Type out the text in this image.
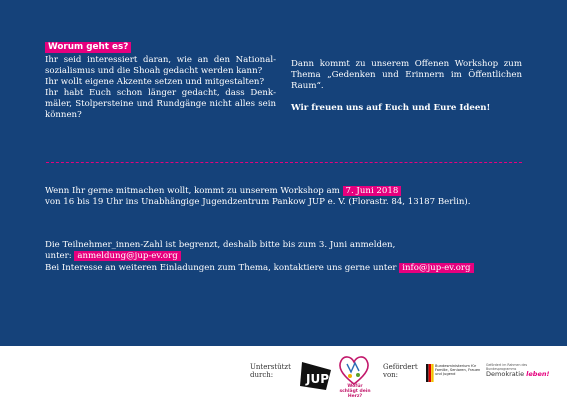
Worum geht es?
Ihr seid interessiert daran, wie an den Nationalsozialismus und die Shoah gedacht werden kann?
Ihr wollt eigene Akzente setzen und mitgestalten?
Ihr habt Euch schon länger gedacht, dass Denkmäler, Stolpersteine und Rundgänge nicht alles sein können?
Dann kommt zu unserem Offenen Workshop zum Thema „Gedenken und Erinnern im Öffentlichen Raum“.
Wir freuen uns auf Euch und Eure Ideen!
Wenn Ihr gerne mitmachen wollt, kommt zu unserem Workshop am 7. Juni 2018
von 16 bis 19 Uhr ins Unabhängige Jugendzentrum Pankow JUP e. V. (Florastr. 84, 13187 Berlin).
Die Teilnehmer_innen-Zahl ist begrenzt, deshalb bitte bis zum 3. Juni anmelden,
unter: anmeldung@jup-ev.org
Bei Interesse an weiteren Einladungen zum Thema, kontaktiere uns gerne unter info@jup-ev.org
Unterstützt durch:	JUP
Wofür schlägt dein Herz?
Gefördert von:
Bundesministerium für Familie, Senioren, Frauen und Jugend
Gefördert im Rahmen des Bundesprogramms
Demokratie leben!
